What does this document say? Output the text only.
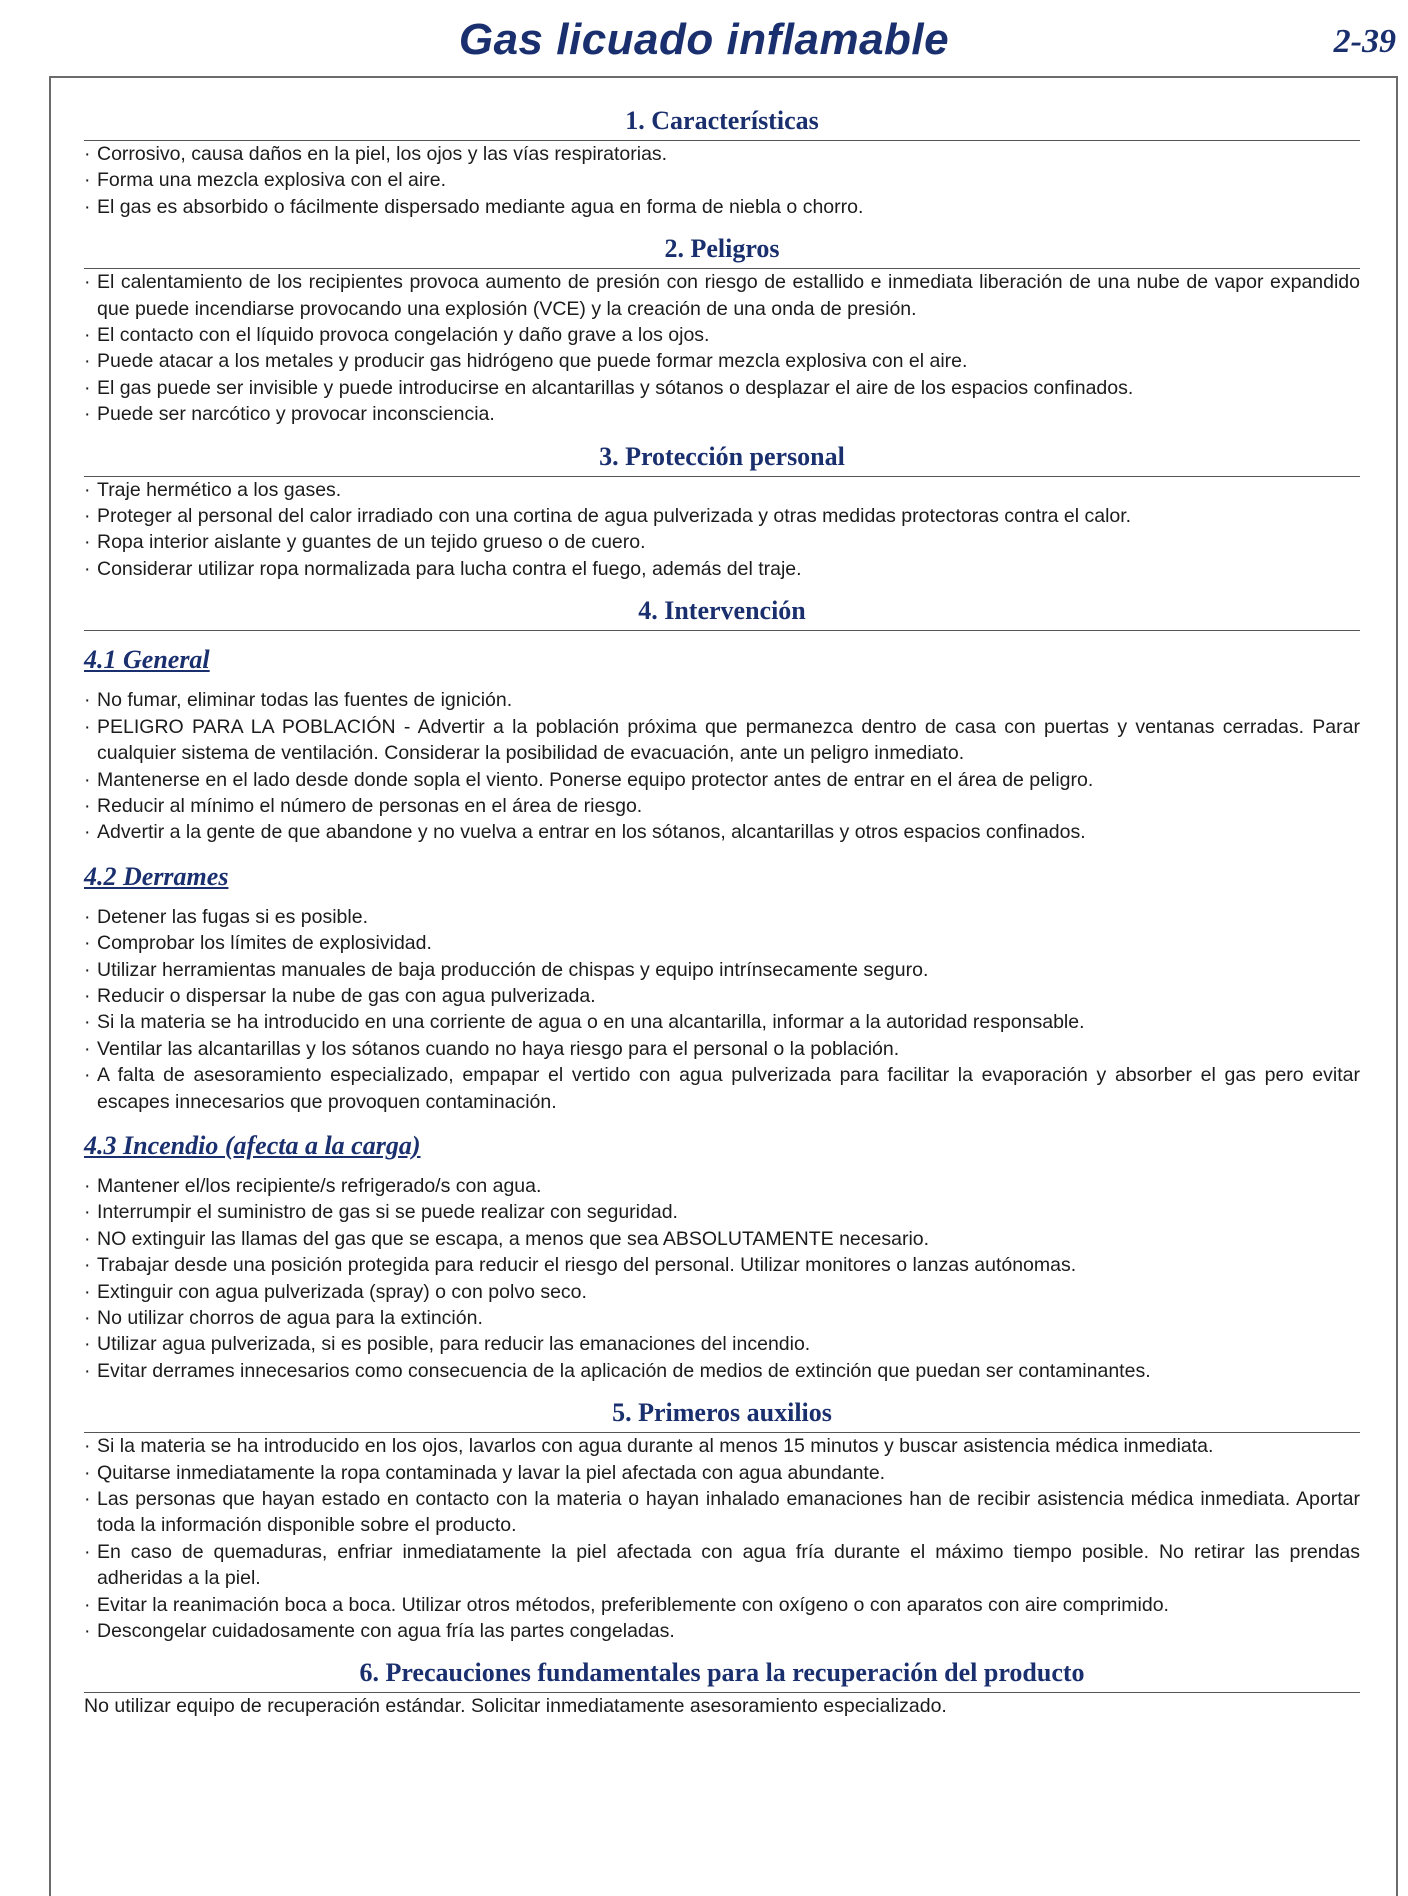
Gas licuado inflamable	2-39
1. Características
· Corrosivo, causa daños en la piel, los ojos y las vías respiratorias.
· Forma una mezcla explosiva con el aire.
· El gas es absorbido o fácilmente dispersado mediante agua en forma de niebla o chorro.
2. Peligros
· El calentamiento de los recipientes provoca aumento de presión con riesgo de estallido e inmediata liberación de una nube de vapor expandido que puede incendiarse provocando una explosión (VCE) y la creación de una onda de presión.
· El contacto con el líquido provoca congelación y daño grave a los ojos.
· Puede atacar a los metales y producir gas hidrógeno que puede formar mezcla explosiva con el aire.
· El gas puede ser invisible y puede introducirse en alcantarillas y sótanos o desplazar el aire de los espacios confinados.
· Puede ser narcótico y provocar inconsciencia.
3. Protección personal
· Traje hermético a los gases.
· Proteger al personal del calor irradiado con una cortina de agua pulverizada y otras medidas protectoras contra el calor.
· Ropa interior aislante y guantes de un tejido grueso o de cuero.
· Considerar utilizar ropa normalizada para lucha contra el fuego, además del traje.
4. Intervención
4.1 General
· No fumar, eliminar todas las fuentes de ignición.
· PELIGRO PARA LA POBLACIÓN - Advertir a la población próxima que permanezca dentro de casa con puertas y ventanas cerradas. Parar cualquier sistema de ventilación. Considerar la posibilidad de evacuación, ante un peligro inmediato.
· Mantenerse en el lado desde donde sopla el viento. Ponerse equipo protector antes de entrar en el área de peligro.
· Reducir al mínimo el número de personas en el área de riesgo.
· Advertir a la gente de que abandone y no vuelva a entrar en los sótanos, alcantarillas y otros espacios confinados.
4.2 Derrames
· Detener las fugas si es posible.
· Comprobar los límites de explosividad.
· Utilizar herramientas manuales de baja producción de chispas y equipo intrínsecamente seguro.
· Reducir o dispersar la nube de gas con agua pulverizada.
· Si la materia se ha introducido en una corriente de agua o en una alcantarilla, informar a la autoridad responsable.
· Ventilar las alcantarillas y los sótanos cuando no haya riesgo para el personal o la población.
· A falta de asesoramiento especializado, empapar el vertido con agua pulverizada para facilitar la evaporación y absorber el gas pero evitar escapes innecesarios que provoquen contaminación.
4.3 Incendio (afecta a la carga)
· Mantener el/los recipiente/s refrigerado/s con agua.
· Interrumpir el suministro de gas si se puede realizar con seguridad.
· NO extinguir las llamas del gas que se escapa, a menos que sea ABSOLUTAMENTE necesario.
· Trabajar desde una posición protegida para reducir el riesgo del personal. Utilizar monitores o lanzas autónomas.
· Extinguir con agua pulverizada (spray) o con polvo seco.
· No utilizar chorros de agua para la extinción.
· Utilizar agua pulverizada, si es posible, para reducir las emanaciones del incendio.
· Evitar derrames innecesarios como consecuencia de la aplicación de medios de extinción que puedan ser contaminantes.
5. Primeros auxilios
· Si la materia se ha introducido en los ojos, lavarlos con agua durante al menos 15 minutos y buscar asistencia médica inmediata.
· Quitarse inmediatamente la ropa contaminada y lavar la piel afectada con agua abundante.
· Las personas que hayan estado en contacto con la materia o hayan inhalado emanaciones han de recibir asistencia médica inmediata. Aportar toda la información disponible sobre el producto.
· En caso de quemaduras, enfriar inmediatamente la piel afectada con agua fría durante el máximo tiempo posible. No retirar las prendas adheridas a la piel.
· Evitar la reanimación boca a boca. Utilizar otros métodos, preferiblemente con oxígeno o con aparatos con aire comprimido.
· Descongelar cuidadosamente con agua fría las partes congeladas.
6. Precauciones fundamentales para la recuperación del producto

No utilizar equipo de recuperación estándar. Solicitar inmediatamente asesoramiento especializado.
